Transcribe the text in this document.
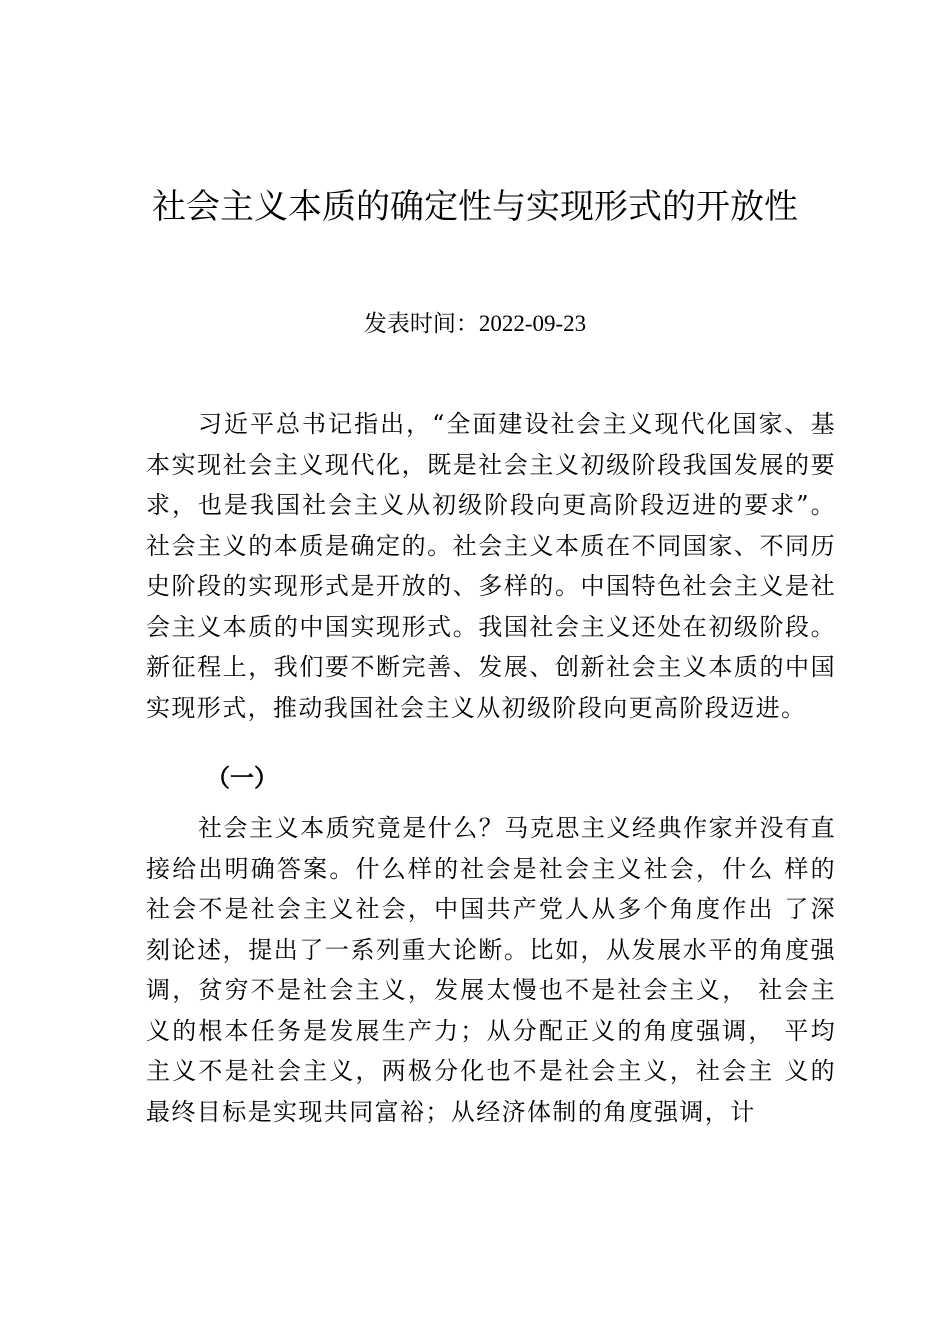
社会主义本质的确定性与实现形式的开放性
发表时间：2022-09-23

习近平总书记指出，“全面建设社会主义现代化国家、基本实现社会主义现代化，既是社会主义初级阶段我国发展的要求，也是我国社会主义从初级阶段向更高阶段迈进的要求”。社会主义的本质是确定的。社会主义本质在不同国家、不同历史阶段的实现形式是开放的、多样的。中国特色社会主义是社会主义本质的中国实现形式。我国社会主义还处在初级阶段。新征程上，我们要不断完善、发展、创新社会主义本质的中国实现形式，推动我国社会主义从初级阶段向更高阶段迈进。

（一）

社会主义本质究竟是什么？马克思主义经典作家并没有直接给出明确答案。什么样的社会是社会主义社会，什么 样的社会不是社会主义社会，中国共产党人从多个角度作出 了深刻论述，提出了一系列重大论断。比如，从发展水平的角度强调，贫穷不是社会主义，发展太慢也不是社会主义， 社会主义的根本任务是发展生产力；从分配正义的角度强调， 平均主义不是社会主义，两极分化也不是社会主义，社会主 义的最终目标是实现共同富裕；从经济体制的角度强调，计
